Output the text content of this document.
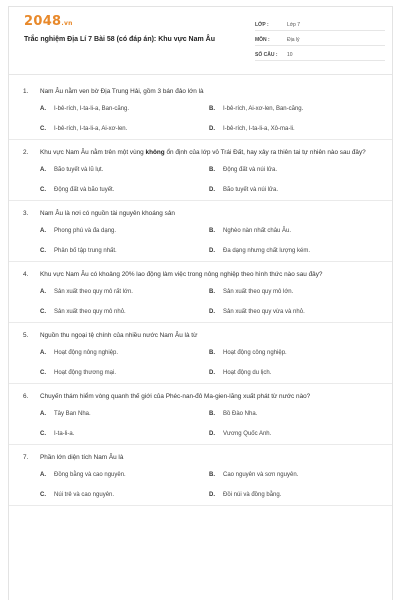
2048.vn
Trắc nghiệm Địa Lí 7 Bài 58 (có đáp án): Khu vực Nam Âu
LỚP :	Lớp 7
MÔN :	Địa lý
SỐ CÂU :	10
1.	Nam Âu nằm ven bờ Địa Trung Hải, gồm 3 bán đảo lớn là
A.	I-bê-rích, I-ta-li-a, Ban-căng.	B.	I-bê-rích, Ai-xơ-len, Ban-căng.
C.	I-bê-rích, I-ta-li-a, Ai-xơ-len.	D.	I-bê-rích, I-ta-li-a, Xô-ma-li.
2.	Khu vực Nam Âu nằm trên một vùng không ổn định của lớp vỏ Trái Đất, hay xảy ra thiên tai tự nhiên nào sau đây?
A.	Bão tuyết và lũ lụt.	B.	Động đất và núi lửa.
C.	Động đất và bão tuyết.	D.	Bão tuyết và núi lửa.
3.	Nam Âu là nơi có nguồn tài nguyên khoáng sản
A.	Phong phú và đa dạng.	B.	Nghèo nàn nhất châu Âu.
C.	Phân bố tập trung nhất.	D.	Đa dạng nhưng chất lượng kém.
4.	Khu vực Nam Âu có khoảng 20% lao động làm việc trong nông nghiệp theo hình thức nào sau đây?
A.	Sản xuất theo quy mô rất lớn.	B.	Sản xuất theo quy mô lớn.
C.	Sản xuất theo quy mô nhỏ.	D.	Sản xuất theo quy vừa và nhỏ.
5.	Nguồn thu ngoại tệ chính của nhiều nước Nam Âu là từ
A.	Hoạt động nông nghiệp.	B.	Hoạt động công nghiệp.
C.	Hoạt động thương mại.	D.	Hoạt động du lịch.
6.	Chuyến thám hiểm vòng quanh thế giới của Phéc-nan-đô Ma-gien-lăng xuất phát từ nước nào?
A.	Tây Ban Nha.	B.	Bồ Đào Nha.
C.	I-ta-li-a.	D.	Vương Quốc Anh.
7.	Phần lớn diện tích Nam Âu là
A.	Đồng bằng và cao nguyên.	B.	Cao nguyên và sơn nguyên.
C.	Núi trẻ và cao nguyên.	D.	Đồi núi và đồng bằng.
